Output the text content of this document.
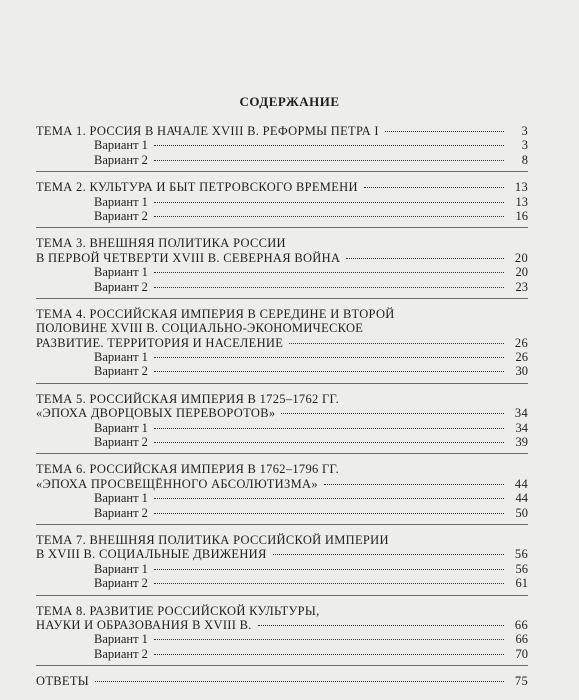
СОДЕРЖАНИЕ
ТЕМА 1. РОССИЯ В НАЧАЛЕ XVIII В. РЕФОРМЫ ПЕТРА I	3
Вариант 1	3
Вариант 2	8
ТЕМА 2. КУЛЬТУРА И БЫТ ПЕТРОВСКОГО ВРЕМЕНИ	13
Вариант 1	13
Вариант 2	16
ТЕМА 3. ВНЕШНЯЯ ПОЛИТИКА РОССИИ
В ПЕРВОЙ ЧЕТВЕРТИ XVIII В. СЕВЕРНАЯ ВОЙНА	20
Вариант 1	20
Вариант 2	23
ТЕМА 4. РОССИЙСКАЯ ИМПЕРИЯ В СЕРЕДИНЕ И ВТОРОЙ
ПОЛОВИНЕ XVIII В. СОЦИАЛЬНО-ЭКОНОМИЧЕСКОЕ
РАЗВИТИЕ. ТЕРРИТОРИЯ И НАСЕЛЕНИЕ	26
Вариант 1	26
Вариант 2	30
ТЕМА 5. РОССИЙСКАЯ ИМПЕРИЯ В 1725–1762 ГГ.
«ЭПОХА ДВОРЦОВЫХ ПЕРЕВОРОТОВ»	34
Вариант 1	34
Вариант 2	39
ТЕМА 6. РОССИЙСКАЯ ИМПЕРИЯ В 1762–1796 ГГ.
«ЭПОХА ПРОСВЕЩЁННОГО АБСОЛЮТИЗМА»	44
Вариант 1	44
Вариант 2	50
ТЕМА 7. ВНЕШНЯЯ ПОЛИТИКА РОССИЙСКОЙ ИМПЕРИИ
В XVIII В. СОЦИАЛЬНЫЕ ДВИЖЕНИЯ	56
Вариант 1	56
Вариант 2	61
ТЕМА 8. РАЗВИТИЕ РОССИЙСКОЙ КУЛЬТУРЫ,
НАУКИ И ОБРАЗОВАНИЯ В XVIII В.	66
Вариант 1	66
Вариант 2	70
ОТВЕТЫ	75
